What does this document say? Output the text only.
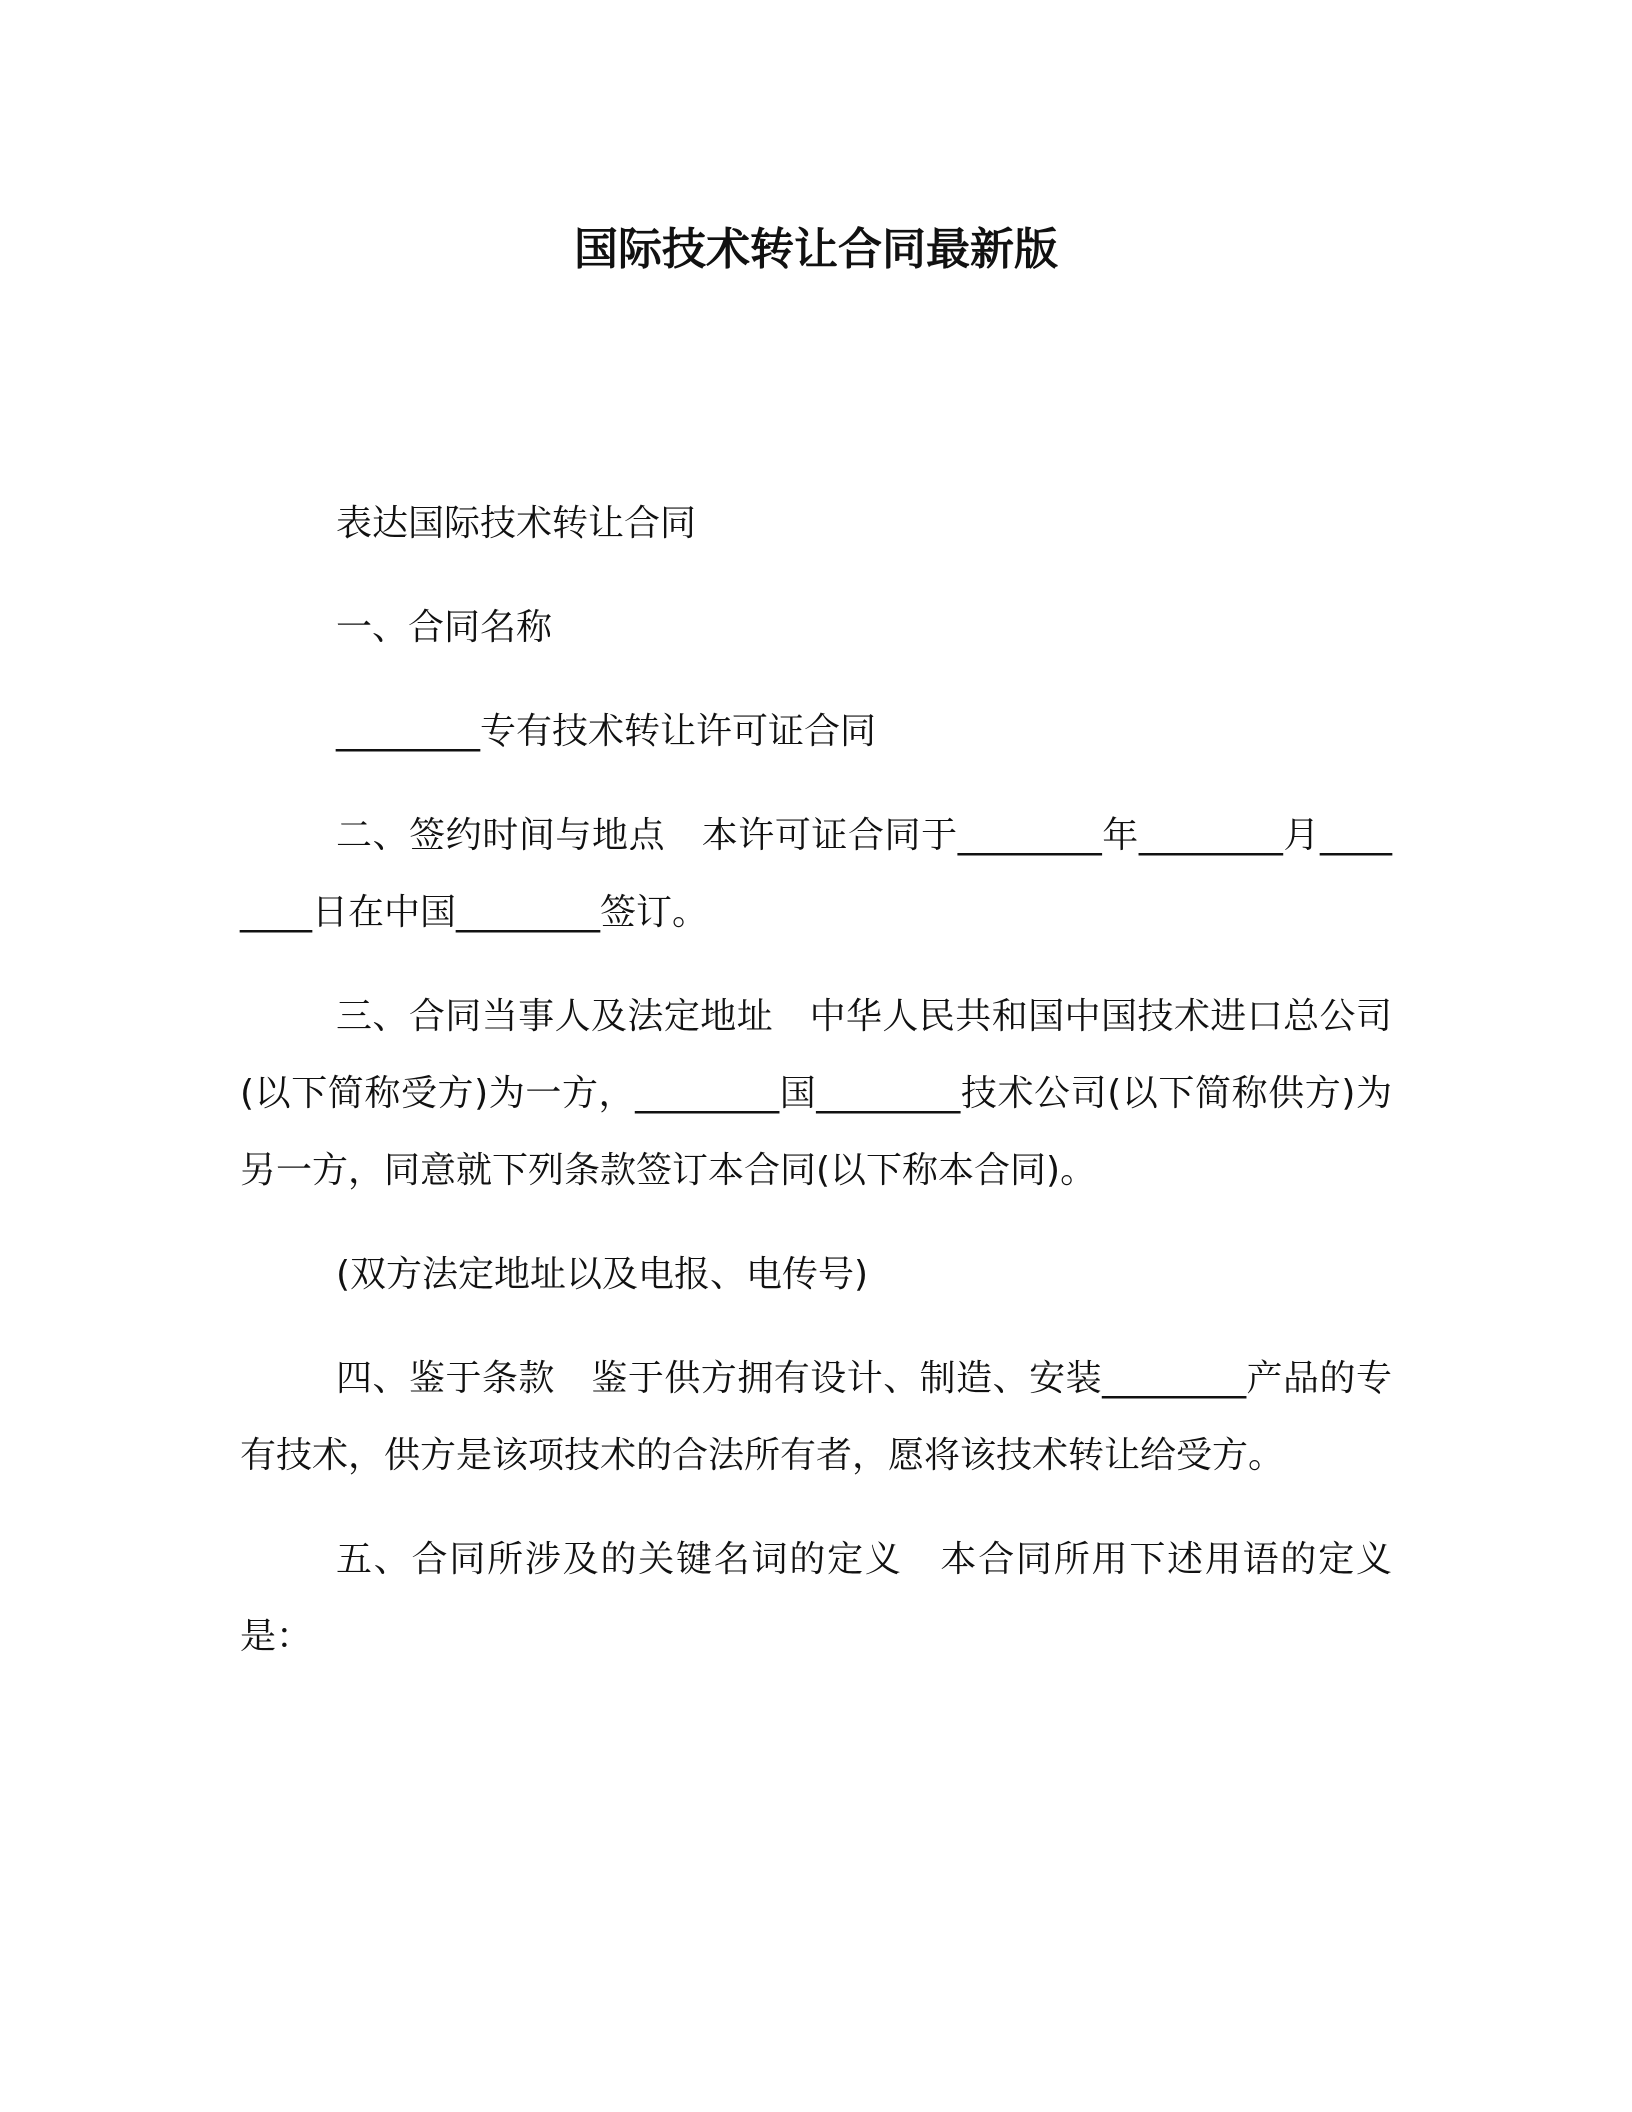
国际技术转让合同最新版

表达国际技术转让合同

一、合同名称

________专有技术转让许可证合同

二、签约时间与地点　本许可证合同于________年________月________日在中国________签订。

三、合同当事人及法定地址　中华人民共和国中国技术进口总公司(以下简称受方)为一方，________国________技术公司(以下简称供方)为另一方，同意就下列条款签订本合同(以下称本合同)。

(双方法定地址以及电报、电传号)

四、鉴于条款　鉴于供方拥有设计、制造、安装________产品的专有技术，供方是该项技术的合法所有者，愿将该技术转让给受方。

五、合同所涉及的关键名词的定义　本合同所用下述用语的定义是：
